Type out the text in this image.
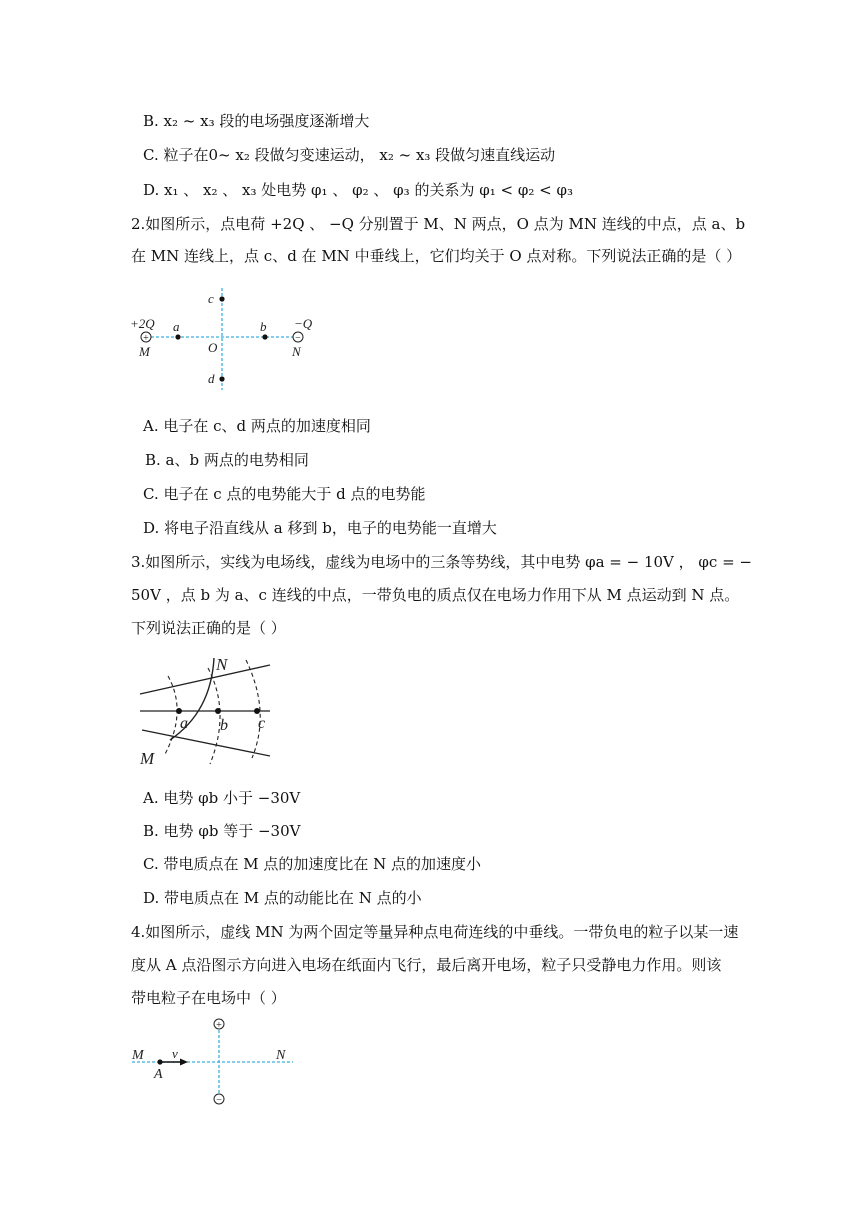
B. x₂ ~ x₃ 段的电场强度逐渐增大
C. 粒子在0~ x₂ 段做匀变速运动， x₂ ~ x₃ 段做匀速直线运动
D. x₁ 、 x₂ 、 x₃ 处电势 φ₁ 、 φ₂ 、 φ₃ 的关系为 φ₁ < φ₂ < φ₃
2.如图所示，点电荷 +2Q 、 −Q 分别置于 M、N 两点，O 点为 MN 连线的中点，点 a、b
在 MN 连线上，点 c、d 在 MN 中垂线上，它们均关于 O 点对称。下列说法正确的是（ ）
+	−
+2Q	−Q
M	N
O
a	b
c
d
A. 电子在 c、d 两点的加速度相同
B. a、b 两点的电势相同
C. 电子在 c 点的电势能大于 d 点的电势能
D. 将电子沿直线从 a 移到 b，电子的电势能一直增大
3.如图所示，实线为电场线，虚线为电场中的三条等势线，其中电势 φa = − 10V ， φc = −
50V ，点 b 为 a、c 连线的中点，一带负电的质点仅在电场力作用下从 M 点运动到 N 点。
下列说法正确的是（ ）
N
M
a b c
A. 电势 φb 小于 −30V
B. 电势 φb 等于 −30V
C. 带电质点在 M 点的加速度比在 N 点的加速度小
D. 带电质点在 M 点的动能比在 N 点的小
4.如图所示，虚线 MN 为两个固定等量异种点电荷连线的中垂线。一带负电的粒子以某一速
度从 A 点沿图示方向进入电场在纸面内飞行，最后离开电场，粒子只受静电力作用。则该
带电粒子在电场中（ ）
+
−
M	N
v
A
